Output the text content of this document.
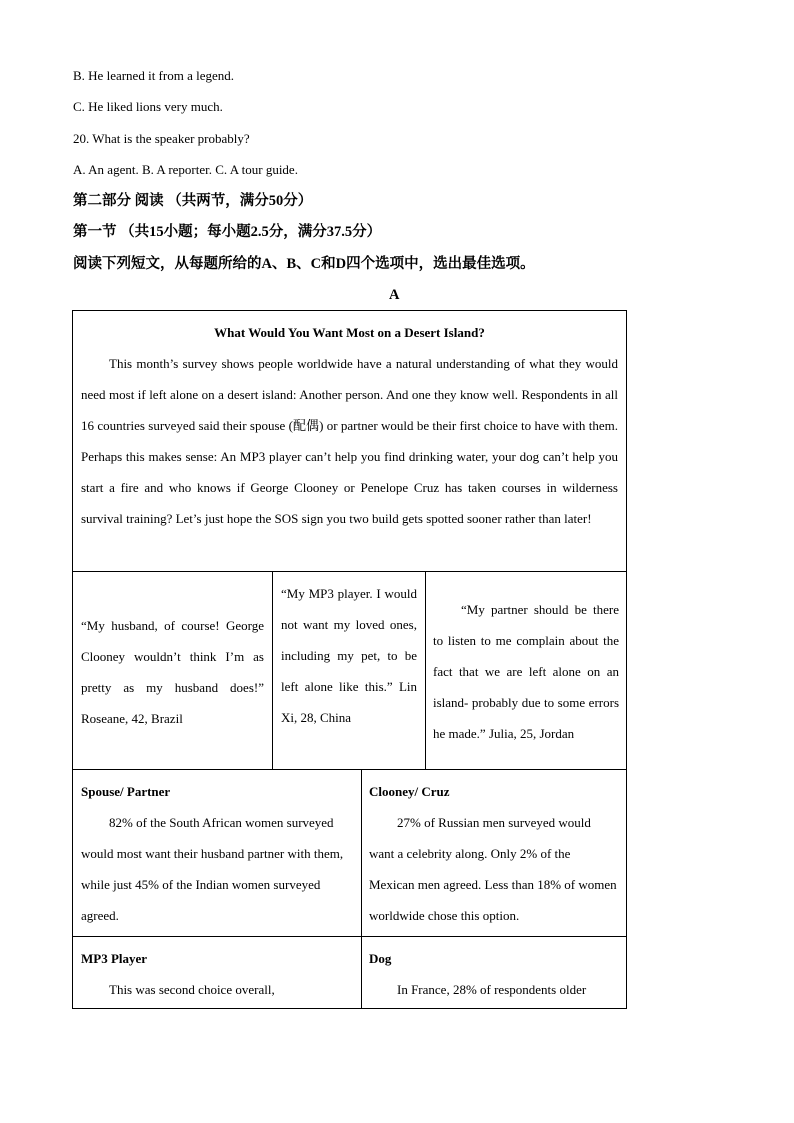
B. He learned it from a legend.
C. He liked lions very much.
20. What is the speaker probably?
A. An agent. B. A reporter. C. A tour guide.
第二部分 阅读 （共两节，满分50分）
第一节 （共15小题；每小题2.5分，满分37.5分）
阅读下列短文，从每题所给的A、B、C和D四个选项中，选出最佳选项。
A
What Would You Want Most on a Desert Island?
This month’s survey shows people worldwide have a natural understanding of what they would need most if left alone on a desert island: Another person. And one they know well. Respondents in all 16 countries surveyed said their spouse (配偶) or partner would be their first choice to have with them. Perhaps this makes sense: An MP3 player can’t help you find drinking water, your dog can’t help you start a fire and who knows if George Clooney or Penelope Cruz has taken courses in wilderness survival training? Let’s just hope the SOS sign you two build gets spotted sooner rather than later!
“My husband, of course! George Clooney wouldn’t think I’m as pretty as my husband does!” Roseane, 42, Brazil
“My MP3 player. I would not want my loved ones, including my pet, to be left alone like this.” Lin Xi, 28, China
“My partner should be there to listen to me complain about the fact that we are left alone on an island- probably due to some errors he made.” Julia, 25, Jordan
Spouse/ Partner
82% of the South African women surveyed would most want their husband partner with them, while just 45% of the Indian women surveyed agreed.
Clooney/ Cruz
27% of Russian men surveyed would want a celebrity along. Only 2% of the Mexican men agreed. Less than 18% of women worldwide chose this option.
MP3 Player
This was second choice overall,
Dog
In France, 28% of respondents older
